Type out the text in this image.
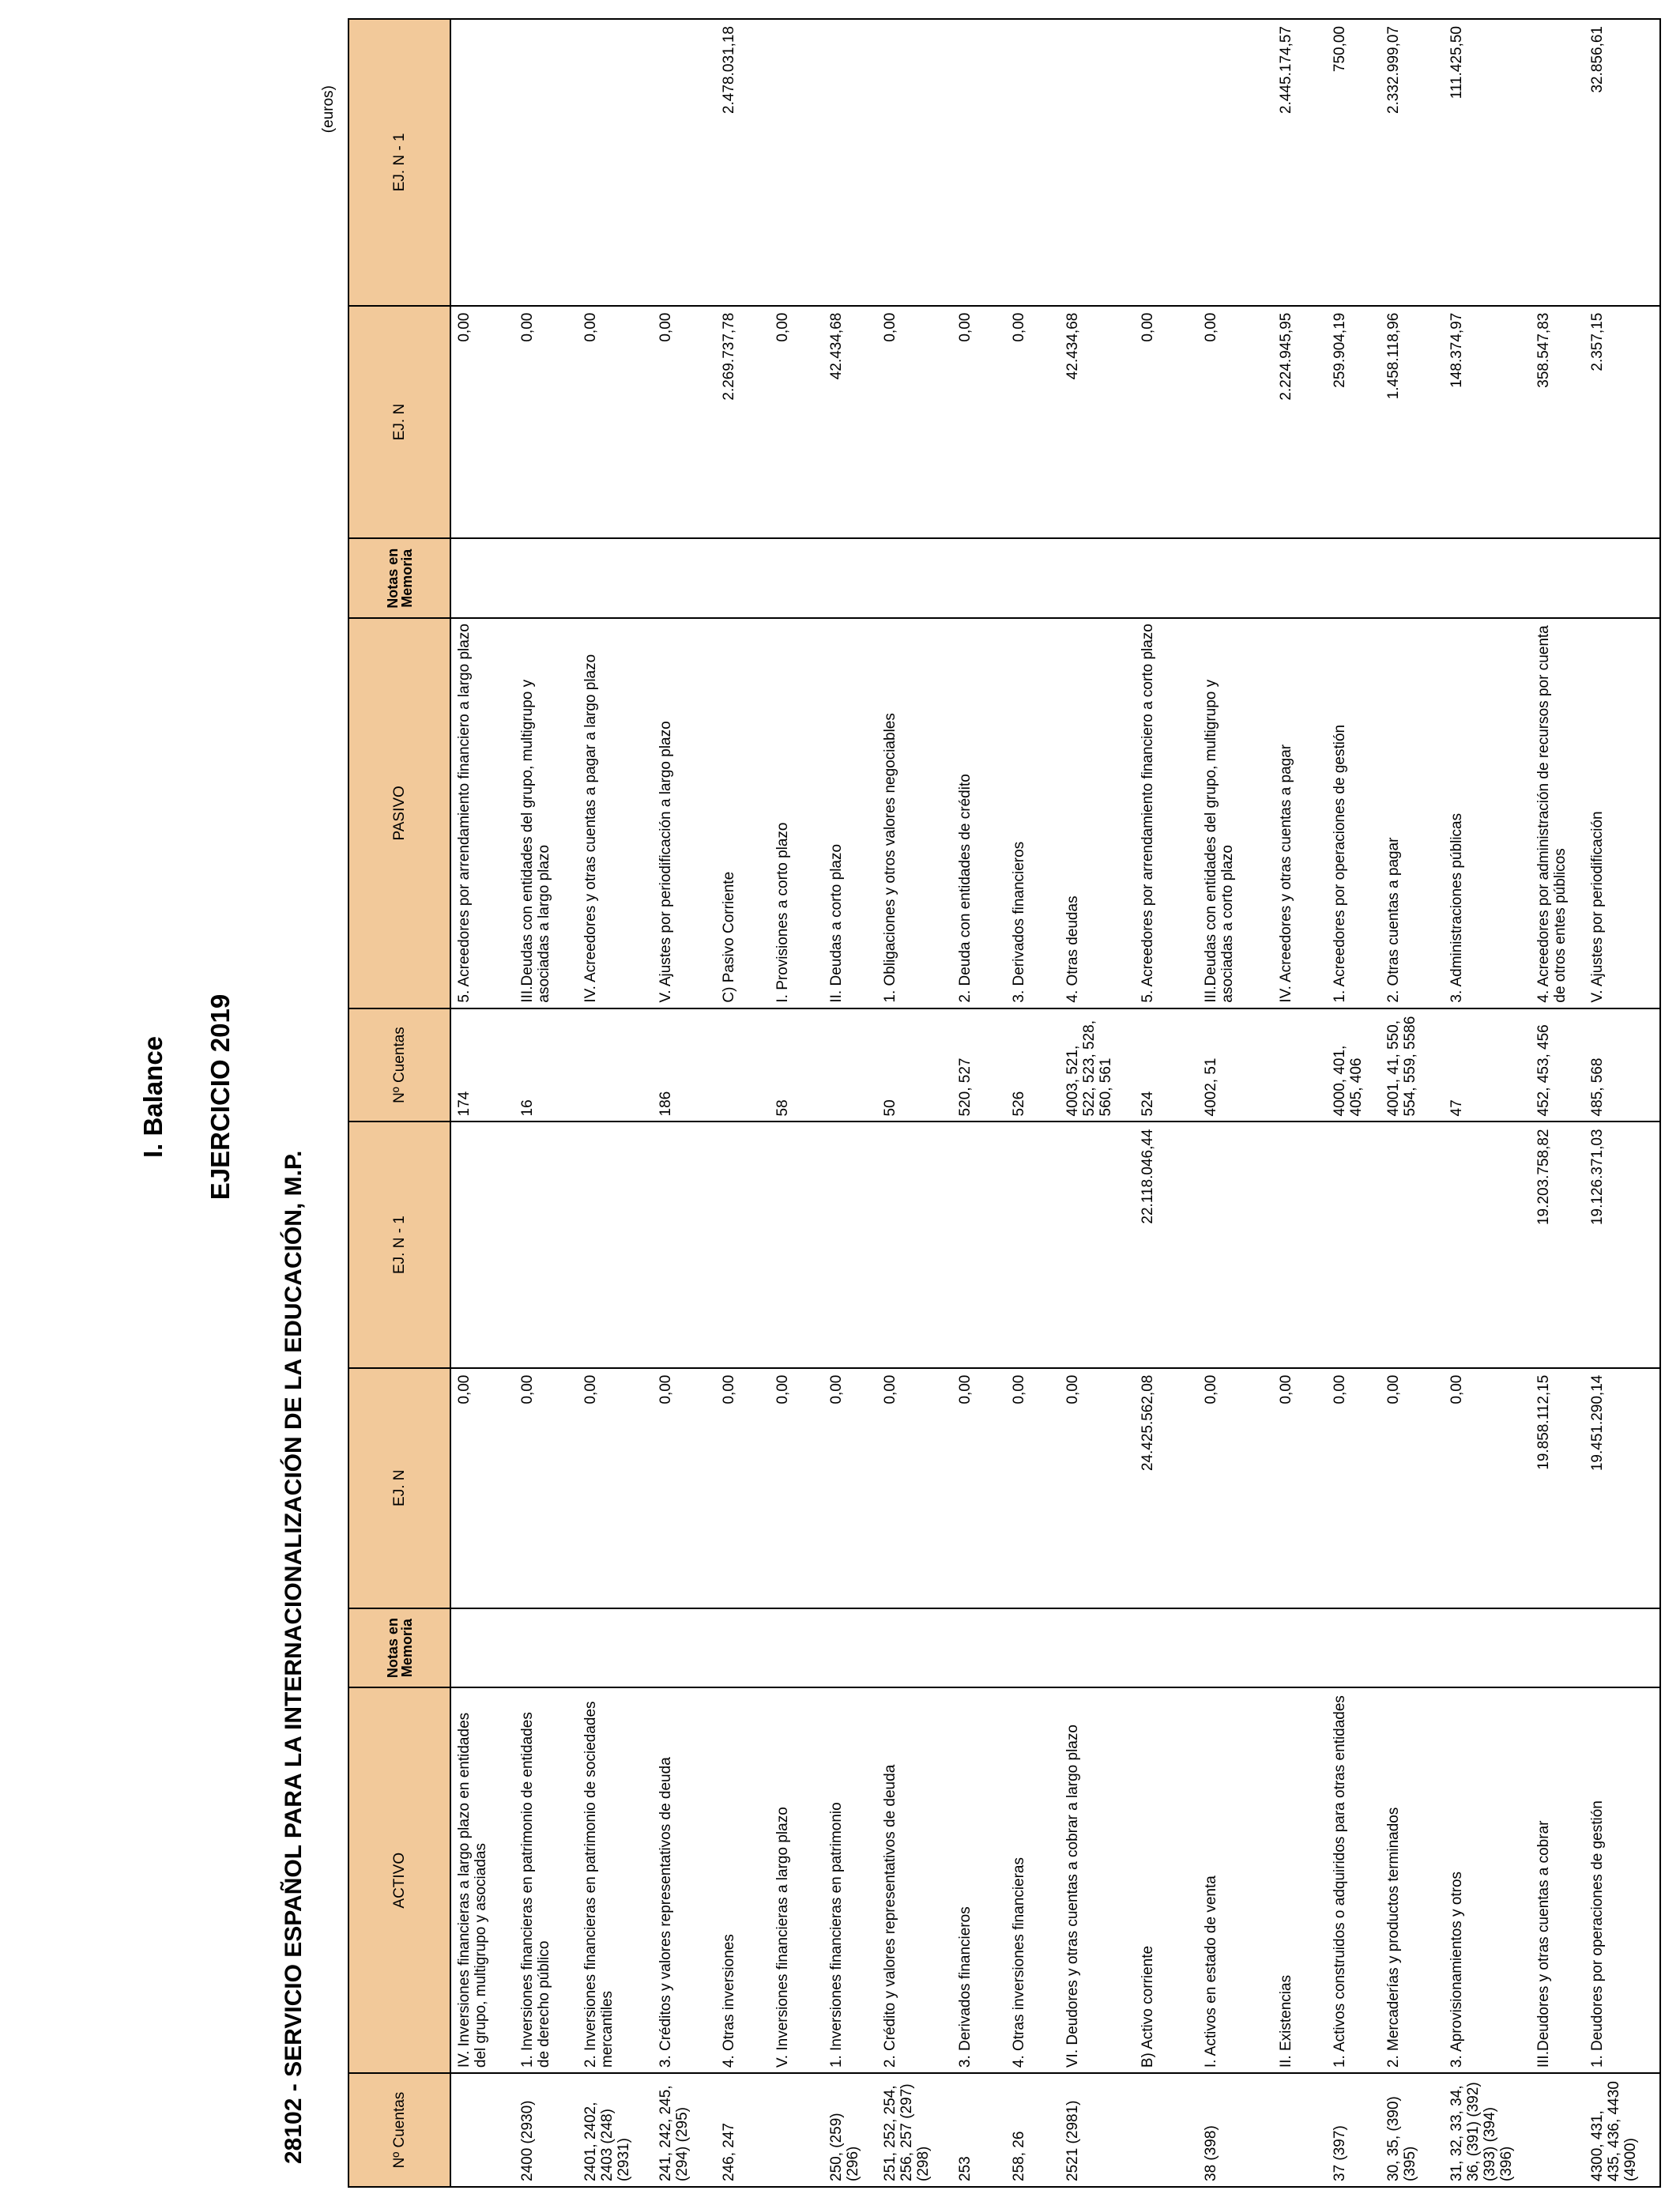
I. Balance EJERCICIO 2019
28102 - SERVICIO ESPAÑOL PARA LA INTERNACIONALIZACIÓN DE LA EDUCACIÓN, M.P.
(euros)
Nº Cuentas	ACTIVO	Notas en Memoria	EJ. N	EJ. N - 1	Nº Cuentas	PASIVO	Notas en Memoria	EJ. N	EJ. N - 1
	IV. Inversiones financieras a largo plazo en entidades del grupo, multigrupo y asociadas		0,00		174	5. Acreedores por arrendamiento financiero a largo plazo		0,00	
2400 (2930)	1. Inversiones financieras en patrimonio de entidades de derecho público		0,00		16	III.Deudas con entidades del grupo, multigrupo y asociadas a largo plazo		0,00	
2401, 2402, 2403 (248) (2931)	2. Inversiones financieras en patrimonio de sociedades mercantiles		0,00			IV. Acreedores y otras cuentas a pagar a largo plazo		0,00	
241, 242, 245, (294) (295)	3. Créditos y valores representativos de deuda		0,00		186	V. Ajustes por periodificación a largo plazo		0,00	
246, 247	4. Otras inversiones		0,00			C) Pasivo Corriente		2.269.737,78	2.478.031,18
	V. Inversiones financieras a largo plazo		0,00		58	I. Provisiones a corto plazo		0,00	
250, (259) (296)	1. Inversiones financieras en patrimonio		0,00			II. Deudas a corto plazo		42.434,68	
251, 252, 254, 256, 257 (297) (298)	2. Crédito y valores representativos de deuda		0,00		50	1. Obligaciones y otros valores negociables		0,00	
253	3. Derivados financieros		0,00		520, 527	2. Deuda con entidades de crédito		0,00	
258, 26	4. Otras inversiones financieras		0,00		526	3. Derivados financieros		0,00	
2521 (2981)	VI. Deudores y otras cuentas a cobrar a largo plazo		0,00		4003, 521, 522, 523, 528, 560, 561	4. Otras deudas		42.434,68	
	B) Activo corriente		24.425.562,08	22.118.046,44	524	5. Acreedores por arrendamiento financiero a corto plazo		0,00	
38 (398)	I. Activos en estado de venta		0,00		4002, 51	III.Deudas con entidades del grupo, multigrupo y asociadas a corto plazo		0,00	
	II. Existencias		0,00			IV. Acreedores y otras cuentas a pagar		2.224.945,95	2.445.174,57
37 (397)	1. Activos construidos o adquiridos para otras entidades		0,00		4000, 401, 405, 406	1. Acreedores por operaciones de gestión		259.904,19	750,00
30, 35, (390) (395)	2. Mercaderías y productos terminados		0,00		4001, 41, 550, 554, 559, 5586	2. Otras cuentas a pagar		1.458.118,96	2.332.999,07
31, 32, 33, 34, 36, (391) (392) (393) (394) (396)	3. Aprovisionamientos y otros		0,00		47	3. Administraciones públicas		148.374,97	111.425,50
	III.Deudores y otras cuentas a cobrar		19.858.112,15	19.203.758,82	452, 453, 456	4. Acreedores por administración de recursos por cuenta de otros entes públicos		358.547,83	
4300, 431, 435, 436, 4430 (4900)	1. Deudores por operaciones de gestión		19.451.290,14	19.126.371,03	485, 568	V. Ajustes por periodificación		2.357,15	32.856,61
